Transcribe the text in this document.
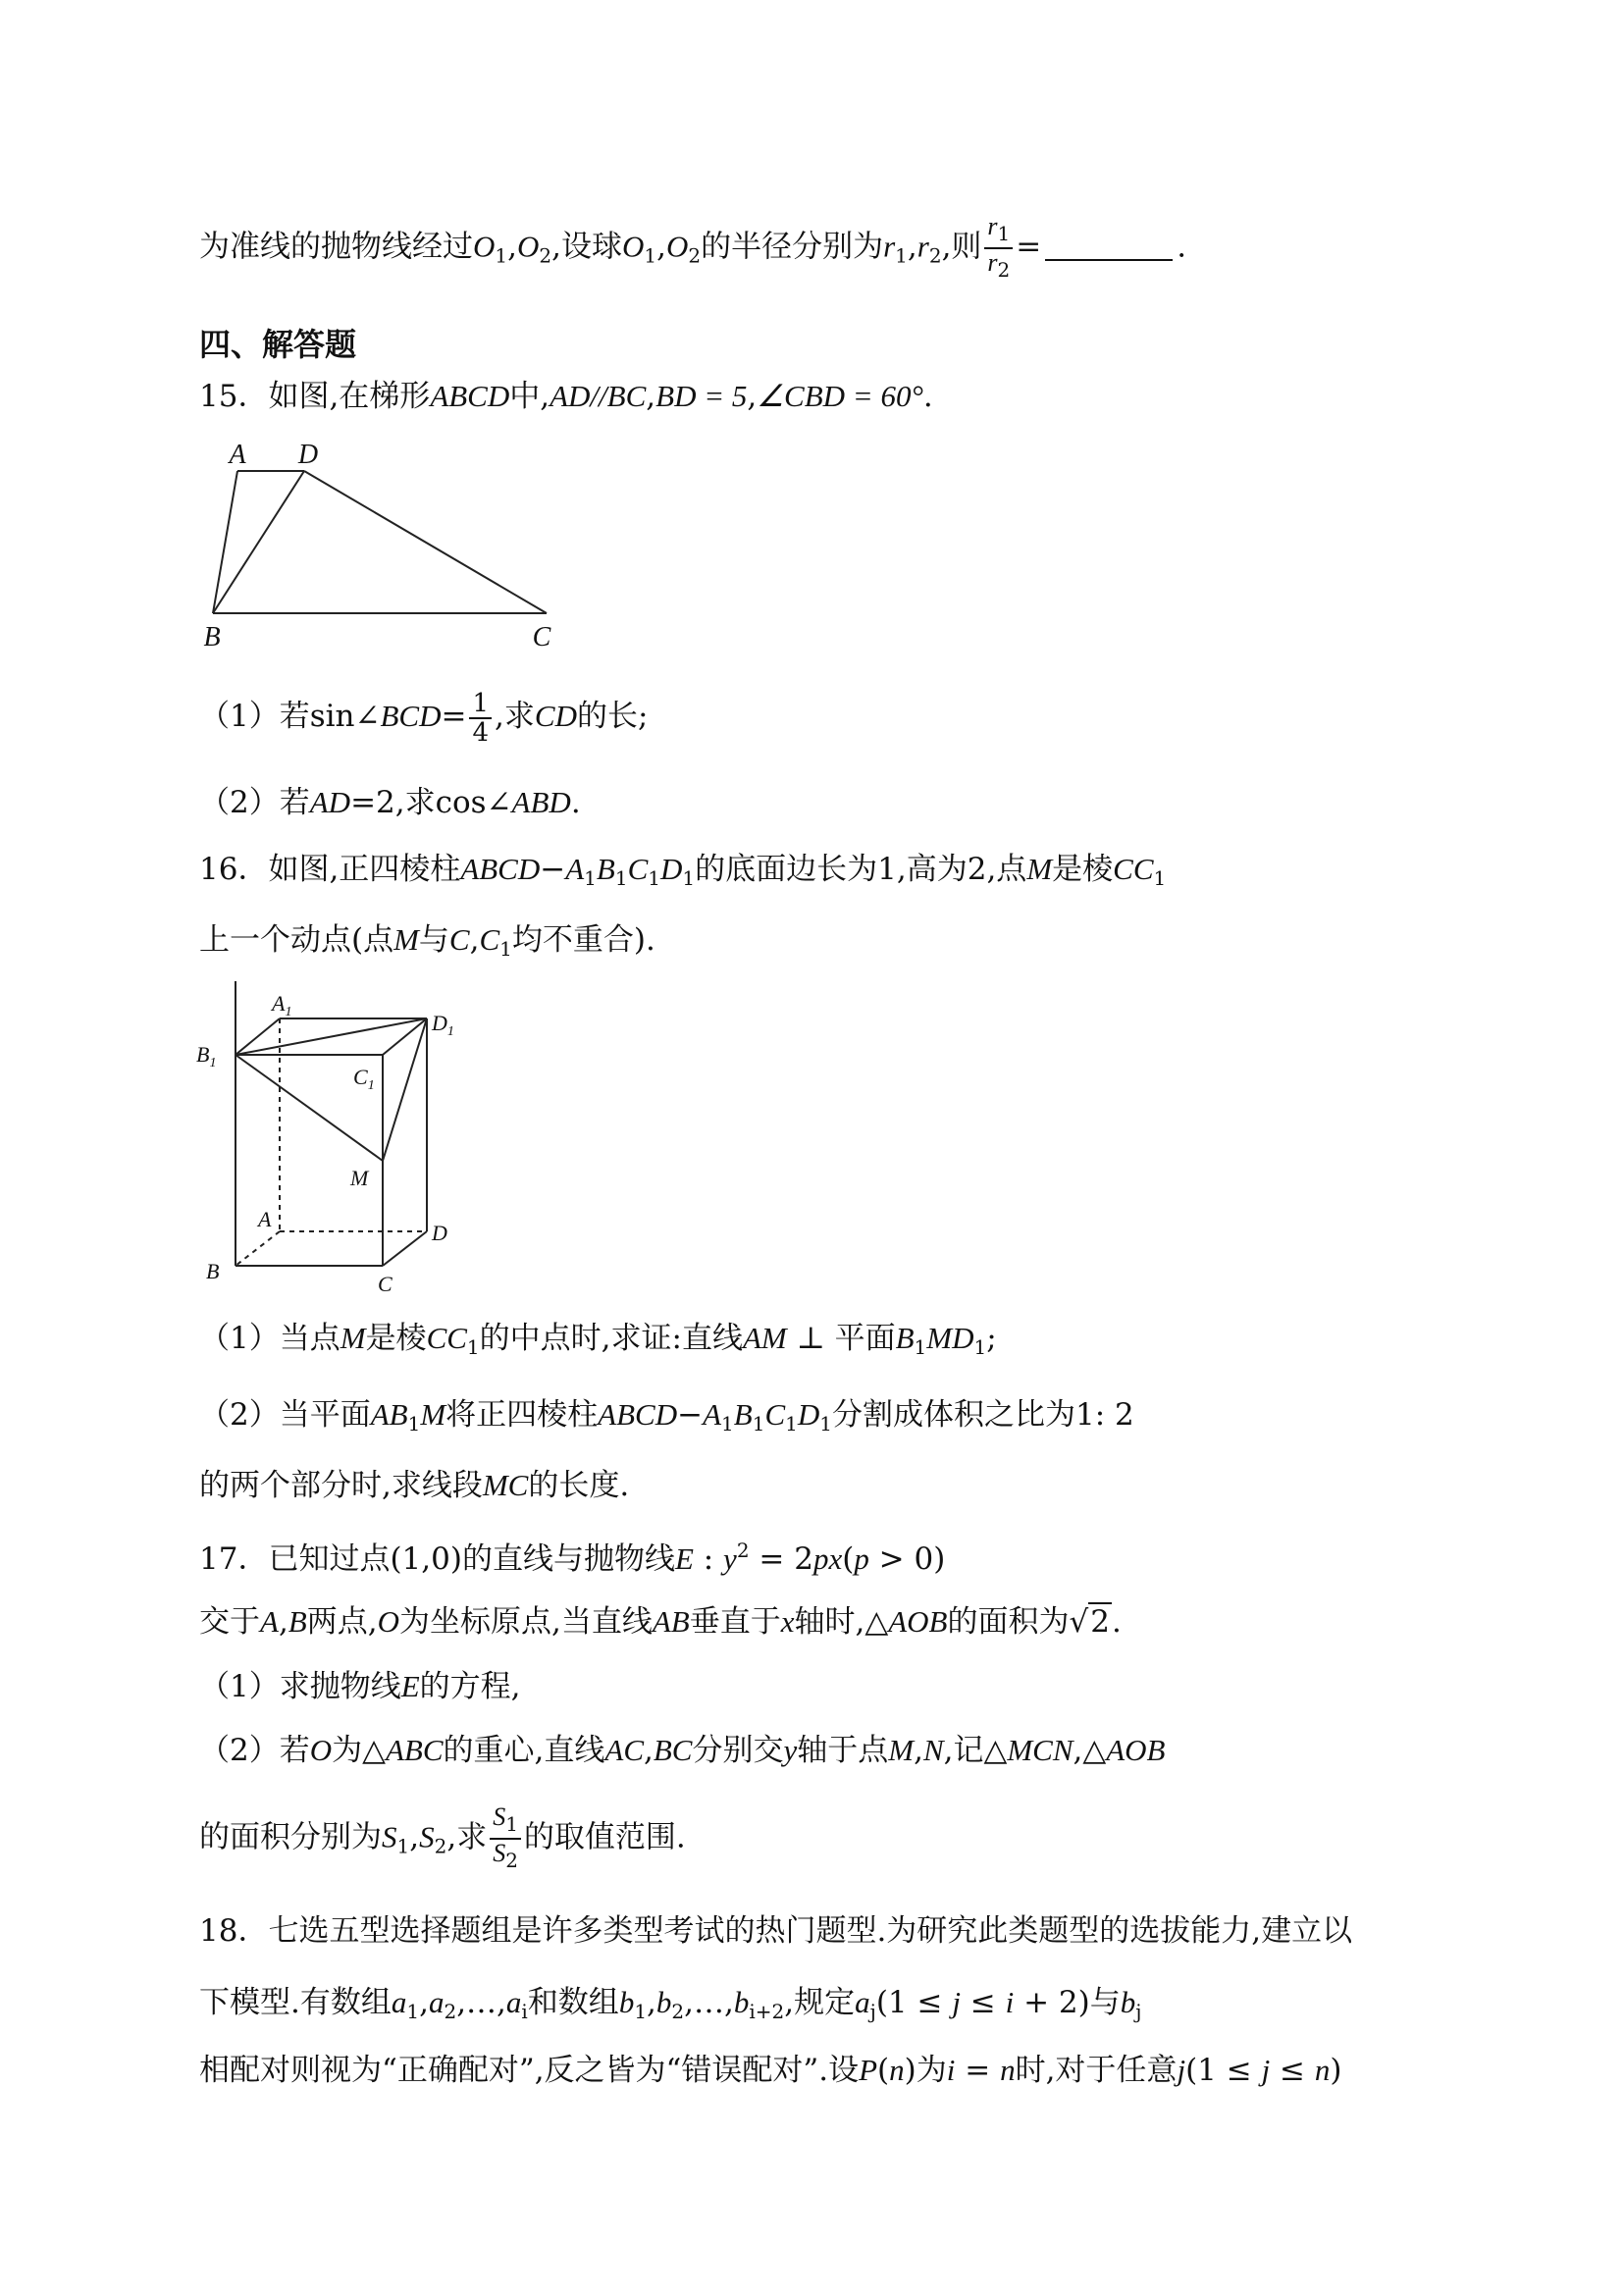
为准线的抛物线经过$O_1,O_2$,设球$O_1,O_2$的半径分别为$r_1,r_2$,则 $\frac{r_1}{r_2}$ =	.
四、解答题
15．如图,在梯形ABCD中,AD//BC,BD = 5,∠CBD = 60°.
A D
B	C
（1）若sin∠BCD= $\frac{1}{4}$ ,求CD的长;
（2）若AD=2,求cos∠ABD.
16．如图,正四棱柱$ABCD-A_1B_1C_1D_1$的底面边长为1,高为2,点M是棱$CC_1$
上一个动点(点M与$C,C_1$均不重合).
$A_1$	$D_1$
$B_1$
$C_1$
M
A
D
B
C
（1）当点M是棱$CC_1$的中点时,求证:直线AM ⊥ 平面$B_1MD_1$;
（2）当平面$AB_1M$将正四棱柱$ABCD-A_1B_1C_1D_1$分割成体积之比为1: 2
的两个部分时,求线段MC的长度.
17．已知过点(1,0)的直线与抛物线E : $y^2 = 2px(p > 0)$
交于A,B两点,O为坐标原点,当直线AB垂直于x轴时,△AOB的面积为√2.
（1）求抛物线E的方程,
（2）若O为△ABC的重心,直线AC,BC分别交y轴于点M,N,记△MCN,△AOB
的面积分别为$S_1,S_2$,求 $\frac{S_1}{S_2}$ 的取值范围.
18．七选五型选择题组是许多类型考试的热门题型.为研究此类题型的选拔能力,建立以
下模型.有数组$a_1,a_2,\dots,a_i$和数组$b_1,b_2,\dots,b_{i+2}$,规定$a_j(1 \le j \le i + 2)$与$b_j$
相配对则视为“正确配对”,反之皆为“错误配对”.设P(n)为i = n时,对于任意j(1 ≤ j ≤ n)
